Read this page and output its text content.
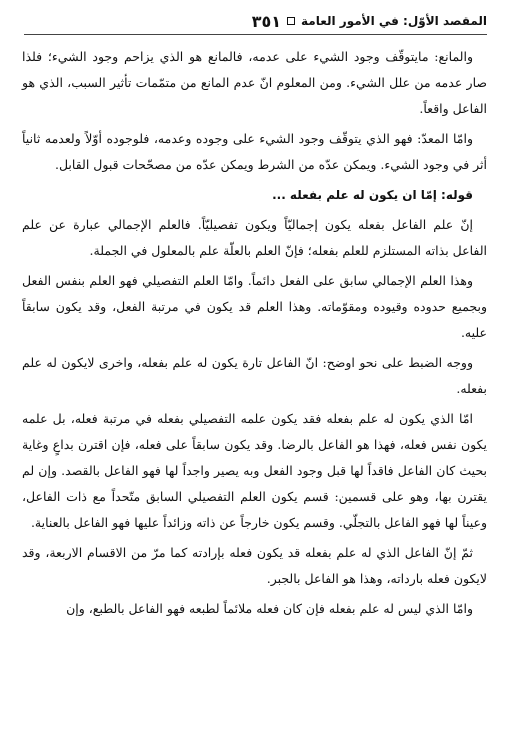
المقصد الأوّل: في الأمور العامة
٣٥١

والمانع: مايتوقّف وجود الشيء على عدمه، فالمانع هو الذي يزاحم وجود الشيء؛ فلذا صار عدمه من علل الشيء. ومن المعلوم انّ عدم المانع من متمّمات تأثير السبب، الذي هو الفاعل واقعاً.

وامّا المعدّ: فهو الذي يتوقّف وجود الشيء على وجوده وعدمه، فلوجوده أوّلاً ولعدمه ثانياً أثر في وجود الشيء. ويمكن عدّه من الشرط ويمكن عدّه من مصحّحات قبول القابل.

قوله: إمّا ان يكون له علم بفعله ...

إنّ علم الفاعل بفعله يكون إجماليّاً ويكون تفصيليّاً. فالعلم الإجمالي عبارة عن علم الفاعل بذاته المستلزم للعلم بفعله؛ فإنّ العلم بالعلّة علم بالمعلول في الجملة.

وهذا العلم الإجمالي سابق على الفعل دائماً. وامّا العلم التفصيلي فهو العلم بنفس الفعل وبجميع حدوده وقيوده ومقوّماته. وهذا العلم قد يكون في مرتبة الفعل، وقد يكون سابقاً عليه.

ووجه الضبط على نحو اوضح: انّ الفاعل تارة يكون له علم بفعله، واخرى لايكون له علم بفعله.

امّا الذي يكون له علم بفعله فقد يكون علمه التفصيلي بفعله في مرتبة فعله، بل علمه يكون نفس فعله، فهذا هو الفاعل بالرضا. وقد يكون سابقاً على فعله، فإن اقترن بداعٍ وغاية بحيث كان الفاعل فاقداً لها قبل وجود الفعل وبه يصير واجداً لها فهو الفاعل بالقصد. وإن لم يقترن بها، وهو على قسمين: قسم يكون العلم التفصيلي السابق متّحداً مع ذات الفاعل، وعيناً لها فهو الفاعل بالتجلّي. وقسم يكون خارجاً عن ذاته وزائداً عليها فهو الفاعل بالعناية.

ثمّ إنّ الفاعل الذي له علم بفعله قد يكون فعله بإرادته كما مرّ من الاقسام الاربعة، وقد لايكون فعله بارداته، وهذا هو الفاعل بالجبر.

وامّا الذي ليس له علم بفعله فإن كان فعله ملائماً لطبعه فهو الفاعل بالطبع، وإن
